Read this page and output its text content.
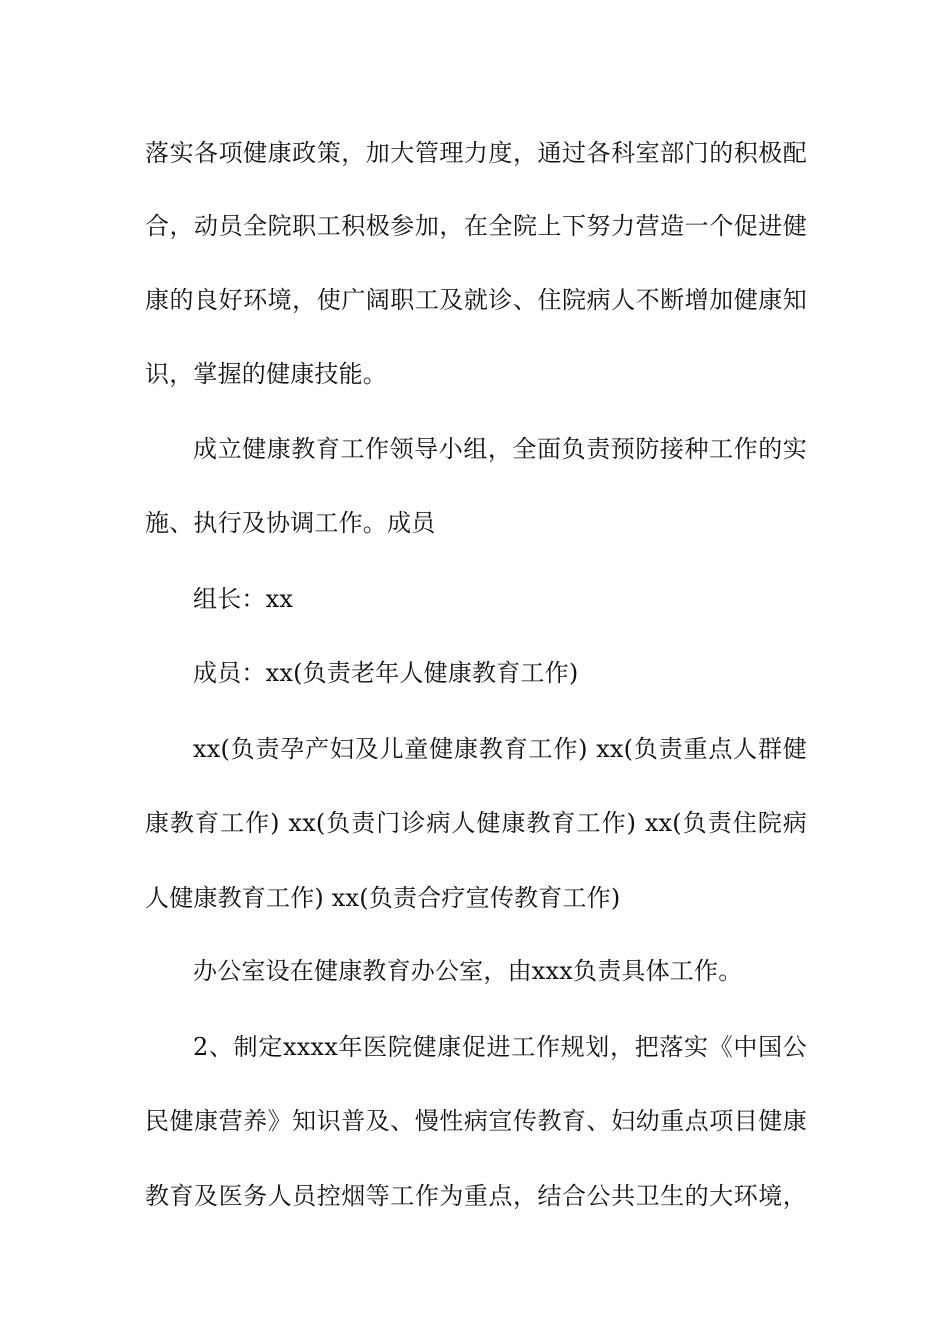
落实各项健康政策，加大管理力度，通过各科室部门的积极配
合，动员全院职工积极参加，在全院上下努力营造一个促进健
康的良好环境，使广阔职工及就诊、住院病人不断增加健康知
识，掌握的健康技能。
成立健康教育工作领导小组，全面负责预防接种工作的实
施、执行及协调工作。成员
组长：xx
成员：xx(负责老年人健康教育工作)
xx(负责孕产妇及儿童健康教育工作) xx(负责重点人群健
康教育工作) xx(负责门诊病人健康教育工作) xx(负责住院病
人健康教育工作) xx(负责合疗宣传教育工作)
办公室设在健康教育办公室，由xxx负责具体工作。
2、制定xxxx年医院健康促进工作规划，把落实《中国公
民健康营养》知识普及、慢性病宣传教育、妇幼重点项目健康
教育及医务人员控烟等工作为重点，结合公共卫生的大环境，
